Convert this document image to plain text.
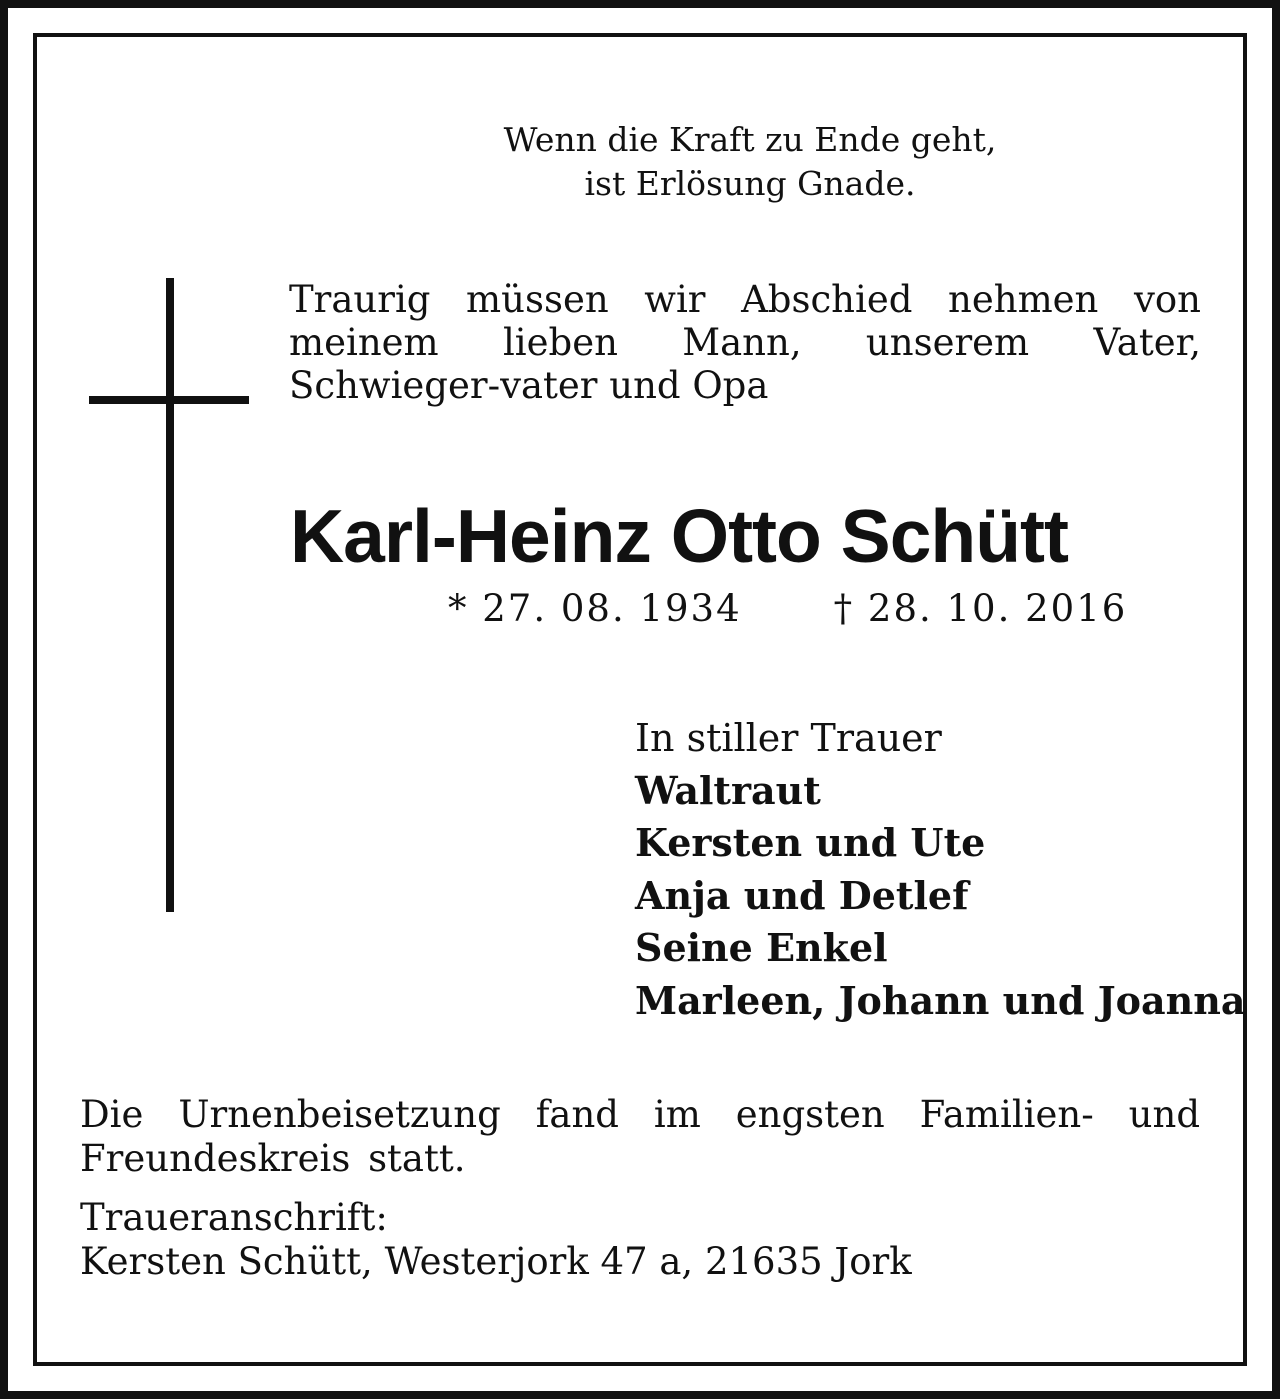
Wenn die Kraft zu Ende geht,
ist Erlösung Gnade.
Traurig müssen wir Abschied nehmen von meinem lieben Mann, unserem Vater, Schwieger-vater und Opa
Karl-Heinz Otto Schütt
* 27. 08. 1934 † 28. 10. 2016
In stiller Trauer
Waltraut
Kersten und Ute
Anja und Detlef
Seine Enkel
Marleen, Johann und Joanna
Die Urnenbeisetzung fand im engsten Familien- und Freundeskreis statt.
Traueranschrift:
Kersten Schütt, Westerjork 47 a, 21635 Jork
